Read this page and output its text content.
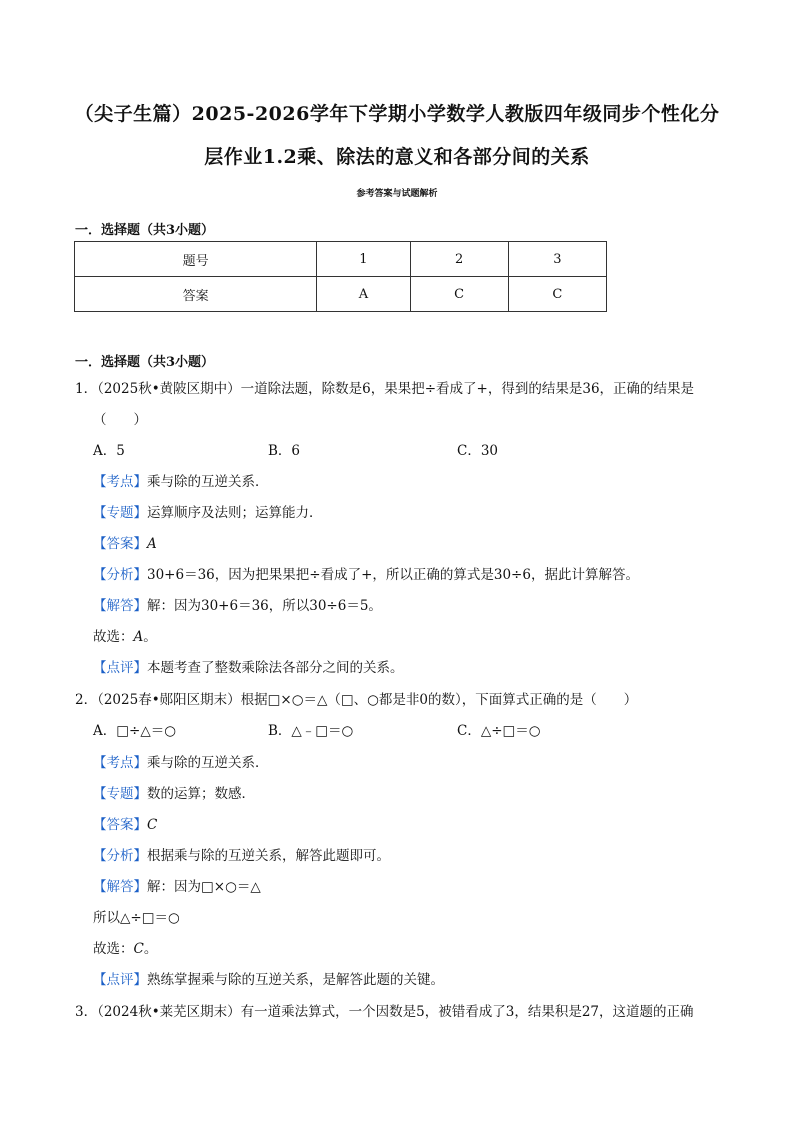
（尖子生篇）2025-2026学年下学期小学数学人教版四年级同步个性化分
层作业1.2乘、除法的意义和各部分间的关系
参考答案与试题解析
一．选择题（共3小题）
题号	1	2	3
答案	A	C	C
一．选择题（共3小题）
1．（2025秋•黄陂区期中）一道除法题，除数是6，果果把÷看成了+，得到的结果是36，正确的结果是
（　　）
A．5	B．6	C．30
【考点】乘与除的互逆关系．
【专题】运算顺序及法则；运算能力．
【答案】A
【分析】30+6＝36，因为把果果把÷看成了+，所以正确的算式是30÷6，据此计算解答。
【解答】解：因为30+6＝36，所以30÷6＝5。
故选：A。
【点评】本题考查了整数乘除法各部分之间的关系。
2．（2025春•郧阳区期末）根据□×○＝△（□、○都是非0的数），下面算式正确的是（　　）
A．□÷△＝○	B．△﹣□＝○	C．△÷□＝○
【考点】乘与除的互逆关系．
【专题】数的运算；数感．
【答案】C
【分析】根据乘与除的互逆关系，解答此题即可。
【解答】解：因为□×○＝△
所以△÷□＝○
故选：C。
【点评】熟练掌握乘与除的互逆关系，是解答此题的关键。
3．（2024秋•莱芜区期末）有一道乘法算式，一个因数是5，被错看成了3，结果积是27，这道题的正确
